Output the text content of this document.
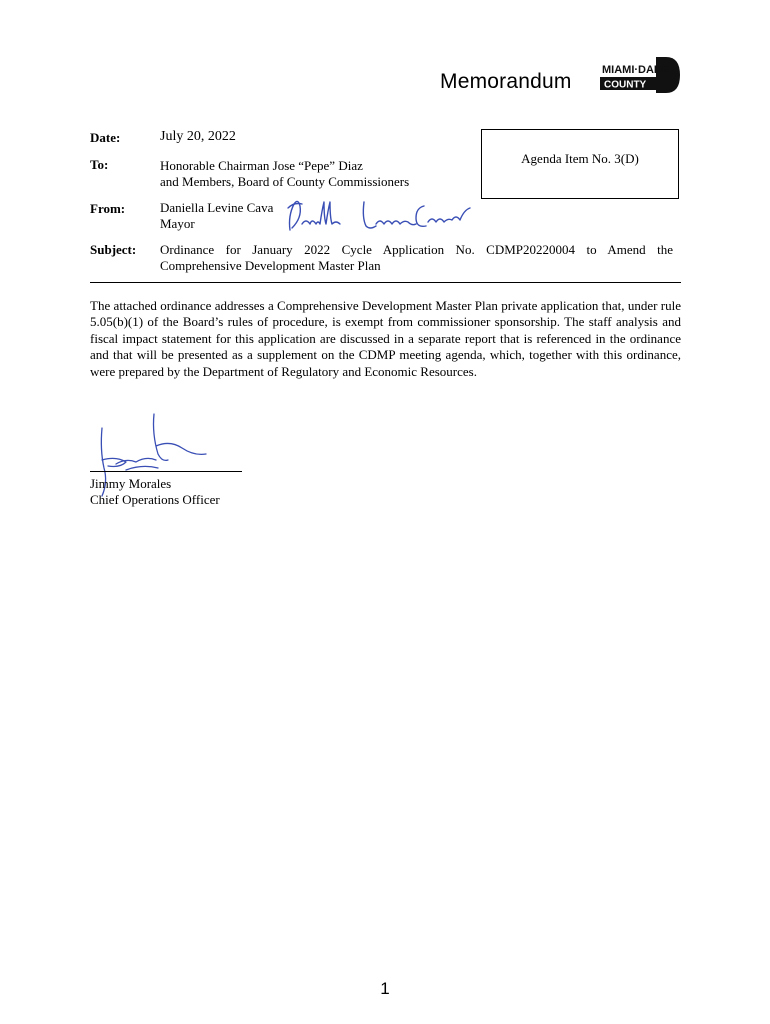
Memorandum	MIAMI·DADE
COUNTY
Date:	July 20, 2022
To:	Honorable Chairman Jose “Pepe” Diaz
and Members, Board of County Commissioners
Agenda Item No. 3(D)
From:	Daniella Levine Cava
Mayor
Subject: Ordinance for January 2022 Cycle Application No. CDMP20220004 to Amend the
Comprehensive Development Master Plan
The attached ordinance addresses a Comprehensive Development Master Plan private application that, under rule 5.05(b)(1) of the Board’s rules of procedure, is exempt from commissioner sponsorship. The staff analysis and fiscal impact statement for this application are discussed in a separate report that is referenced in the ordinance and that will be presented as a supplement on the CDMP meeting agenda, which, together with this ordinance, were prepared by the Department of Regulatory and Economic Resources.
Jimmy Morales
Chief Operations Officer
1
